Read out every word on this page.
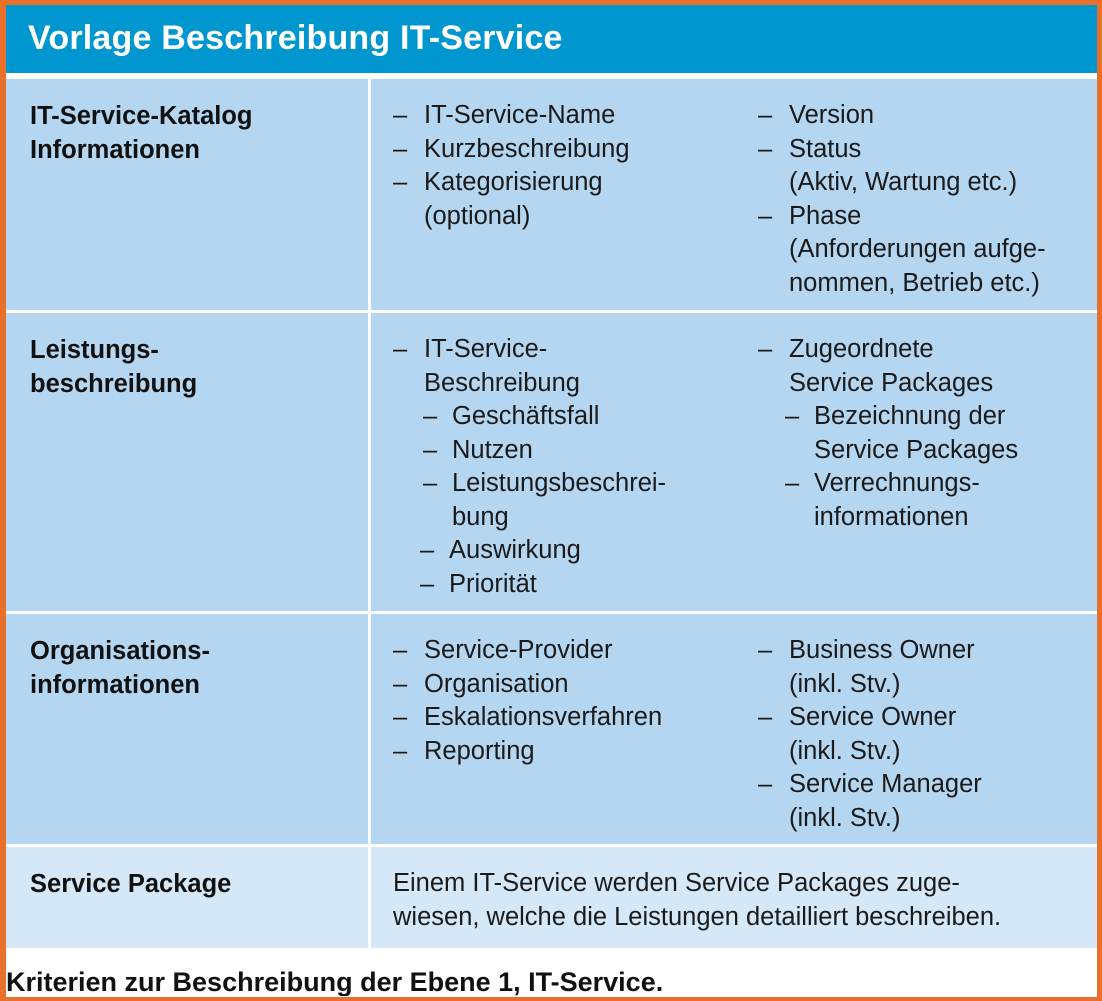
Vorlage Beschreibung IT-Service
IT-Service-Katalog
Informationen
– IT-Service-Name
– Kurzbeschreibung
– Kategorisierung
(optional)
– Version
– Status
(Aktiv, Wartung etc.)
– Phase
(Anforderungen aufge-
nommen, Betrieb etc.)
Leistungs-
beschreibung
– IT-Service-
Beschreibung
– Geschäftsfall
– Nutzen
– Leistungsbeschrei-
bung
– Auswirkung
– Priorität
– Zugeordnete
Service Packages
– Bezeichnung der
Service Packages
– Verrechnungs-
informationen
Organisations-
informationen
– Service-Provider
– Organisation
– Eskalationsverfahren
– Reporting
– Business Owner
(inkl. Stv.)
– Service Owner
(inkl. Stv.)
– Service Manager
(inkl. Stv.)
Service Package	Einem IT-Service werden Service Packages zuge-
wiesen, welche die Leistungen detailliert beschreiben.
Kriterien zur Beschreibung der Ebene 1, IT-Service.
